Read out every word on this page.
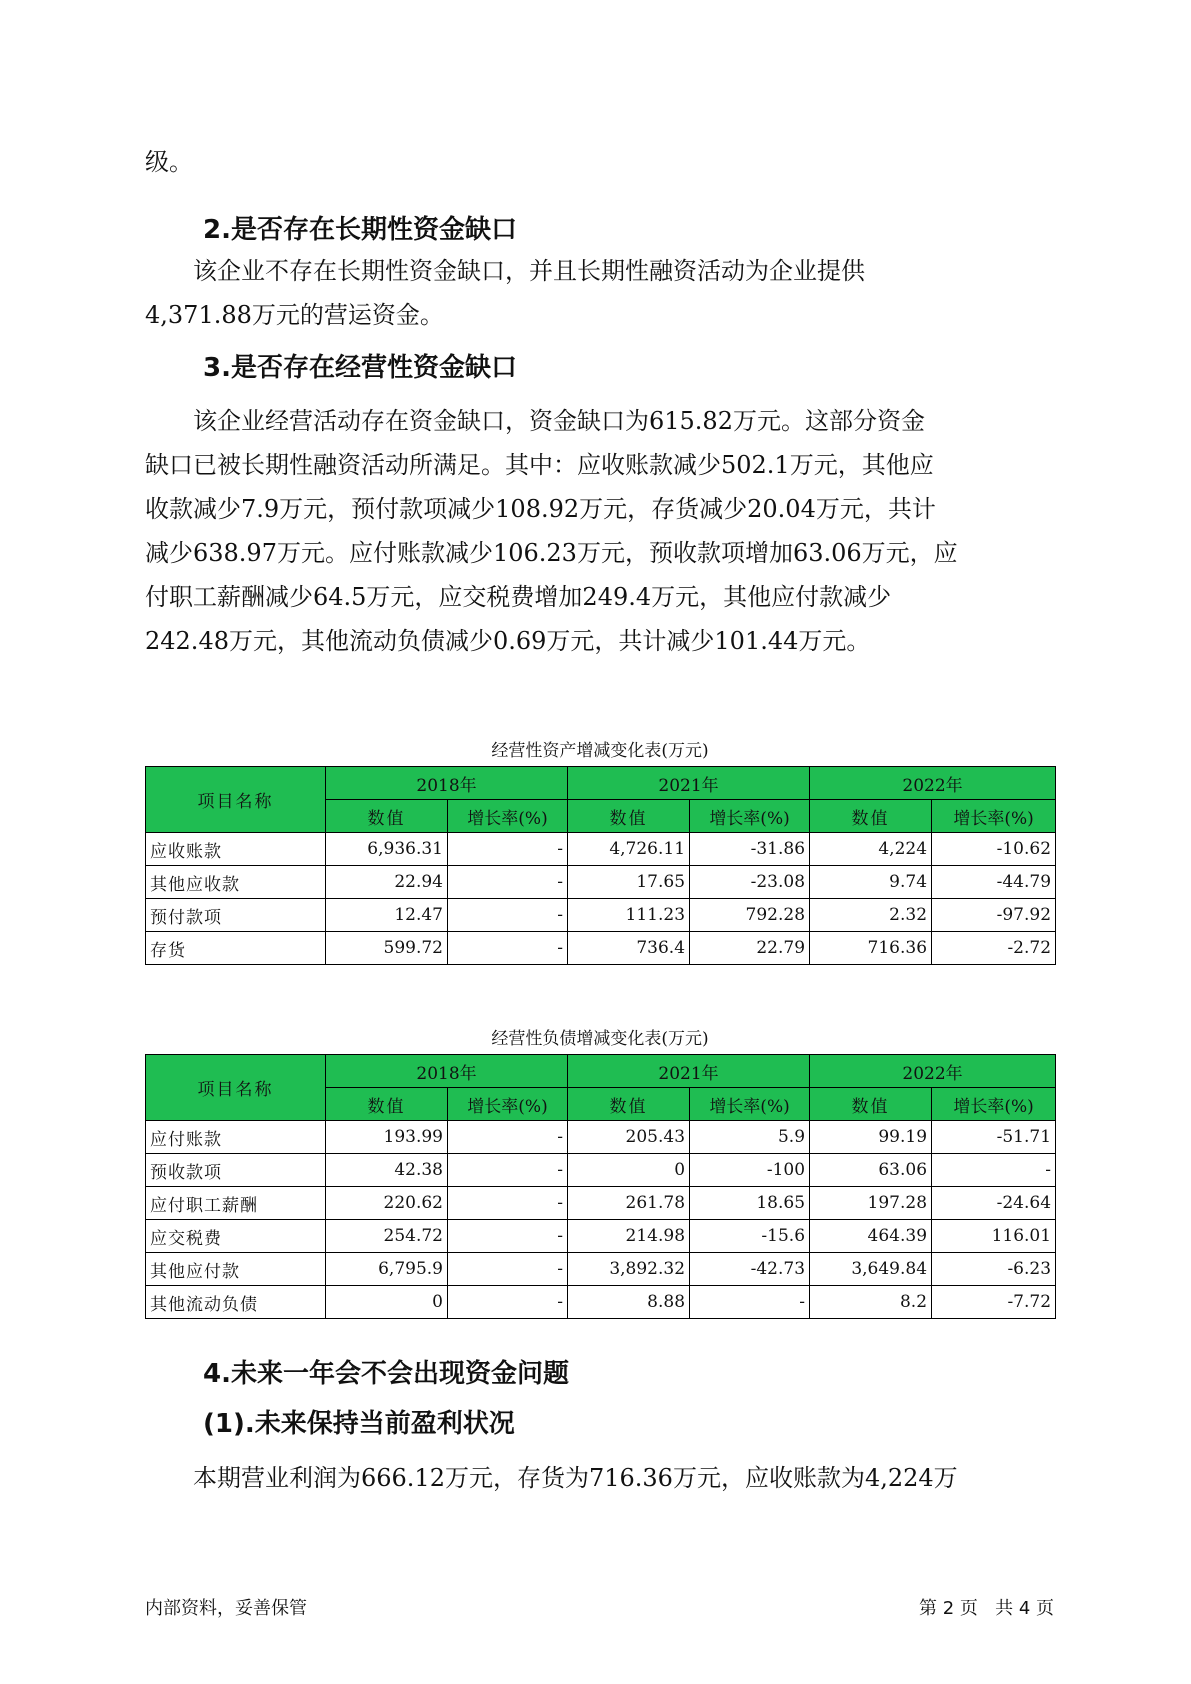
级。

2.是否存在长期性资金缺口
该企业不存在长期性资金缺口，并且长期性融资活动为企业提供
4,371.88万元的营运资金。
3.是否存在经营性资金缺口
该企业经营活动存在资金缺口，资金缺口为615.82万元。这部分资金
缺口已被长期性融资活动所满足。其中：应收账款减少502.1万元，其他应
收款减少7.9万元，预付款项减少108.92万元，存货减少20.04万元，共计
减少638.97万元。应付账款减少106.23万元，预收款项增加63.06万元，应
付职工薪酬减少64.5万元，应交税费增加249.4万元，其他应付款减少
242.48万元，其他流动负债减少0.69万元，共计减少101.44万元。
经营性资产增减变化表(万元)
项目名称	2018年		2021年		2022年	
	数值	增长率(%)	数值	增长率(%)	数值	增长率(%)
应收账款	6,936.31	-	4,726.11	-31.86	4,224	-10.62
其他应收款	22.94	-	17.65	-23.08	9.74	-44.79
预付款项	12.47	-	111.23	792.28	2.32	-97.92
存货	599.72	-	736.4	22.79	716.36	-2.72
经营性负债增减变化表(万元)
项目名称	2018年		2021年		2022年	
	数值	增长率(%)	数值	增长率(%)	数值	增长率(%)
应付账款	193.99	-	205.43	5.9	99.19	-51.71
预收款项	42.38	-	0	-100	63.06	-
应付职工薪酬	220.62	-	261.78	18.65	197.28	-24.64
应交税费	254.72	-	214.98	-15.6	464.39	116.01
其他应付款	6,795.9	-	3,892.32	-42.73	3,649.84	-6.23
其他流动负债	0	-	8.88	-	8.2	-7.72
4.未来一年会不会出现资金问题
(1).未来保持当前盈利状况

本期营业利润为666.12万元，存货为716.36万元，应收账款为4,224万

内部资料，妥善保管	第 2 页   共 4 页
